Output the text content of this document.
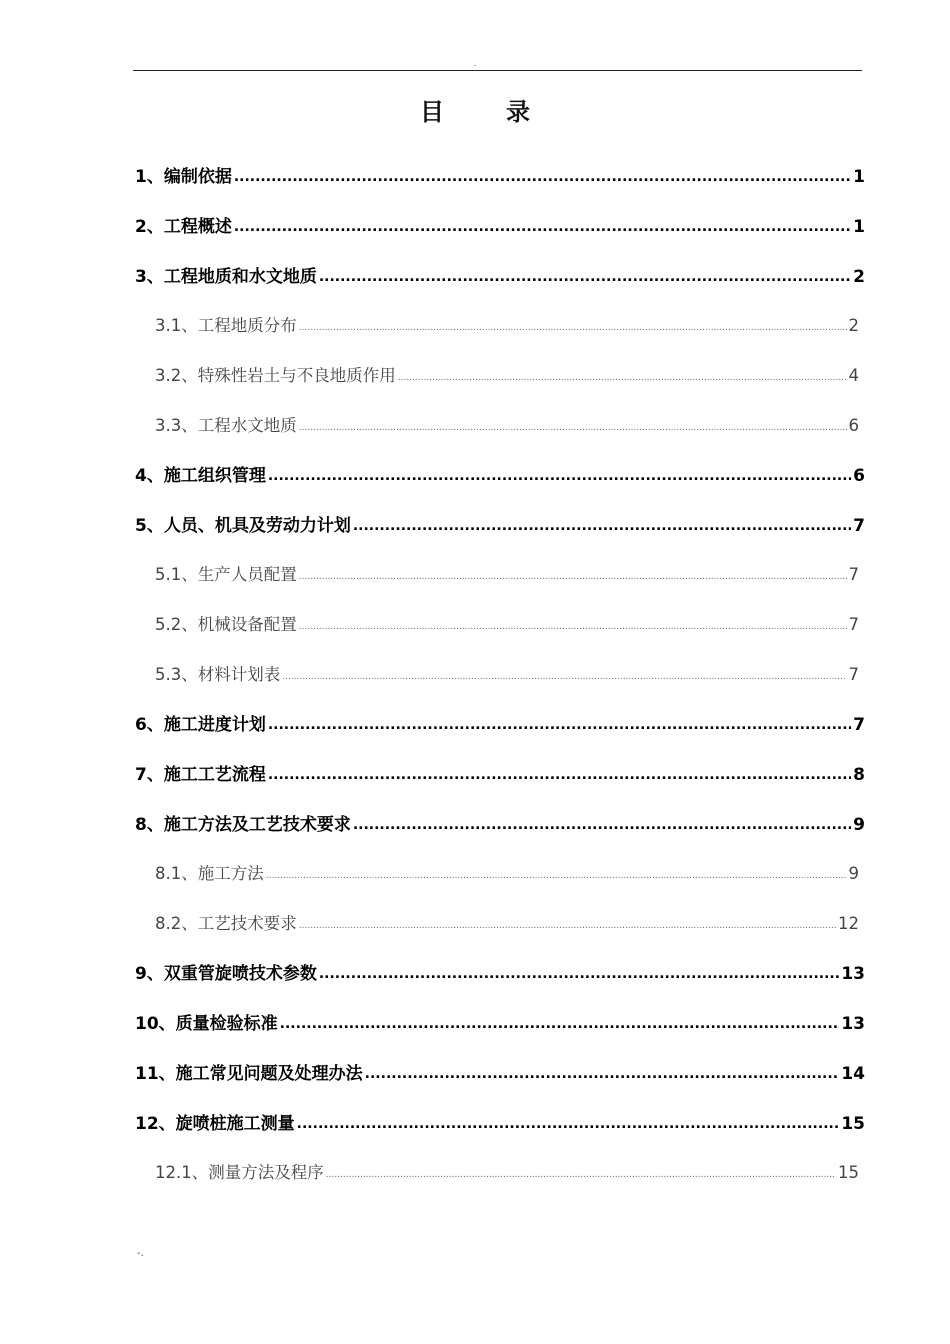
.
目	录
1、编制依据 .....	1
2、工程概述 .....	1
3、工程地质和水文地质 .....	2
3.1、工程地质分布 .....	2
3.2、特殊性岩土与不良地质作用 .....	4
3.3、工程水文地质 .....	6
4、施工组织管理 .....	6
5、人员、机具及劳动力计划 .....	7
5.1、生产人员配置 .....	7
5.2、机械设备配置 .....	7
5.3、材料计划表 .....	7
6、施工进度计划 .....	7
7、施工工艺流程 .....	8
8、施工方法及工艺技术要求 .....	9
8.1、施工方法 .....	9
8.2、工艺技术要求 .....	12
9、双重管旋喷技术参数 .....	13
10、质量检验标准 .....	13
11、施工常见问题及处理办法 .....	14
12、旋喷桩施工测量 .....	15
12.1、测量方法及程序 .....	15
-.
